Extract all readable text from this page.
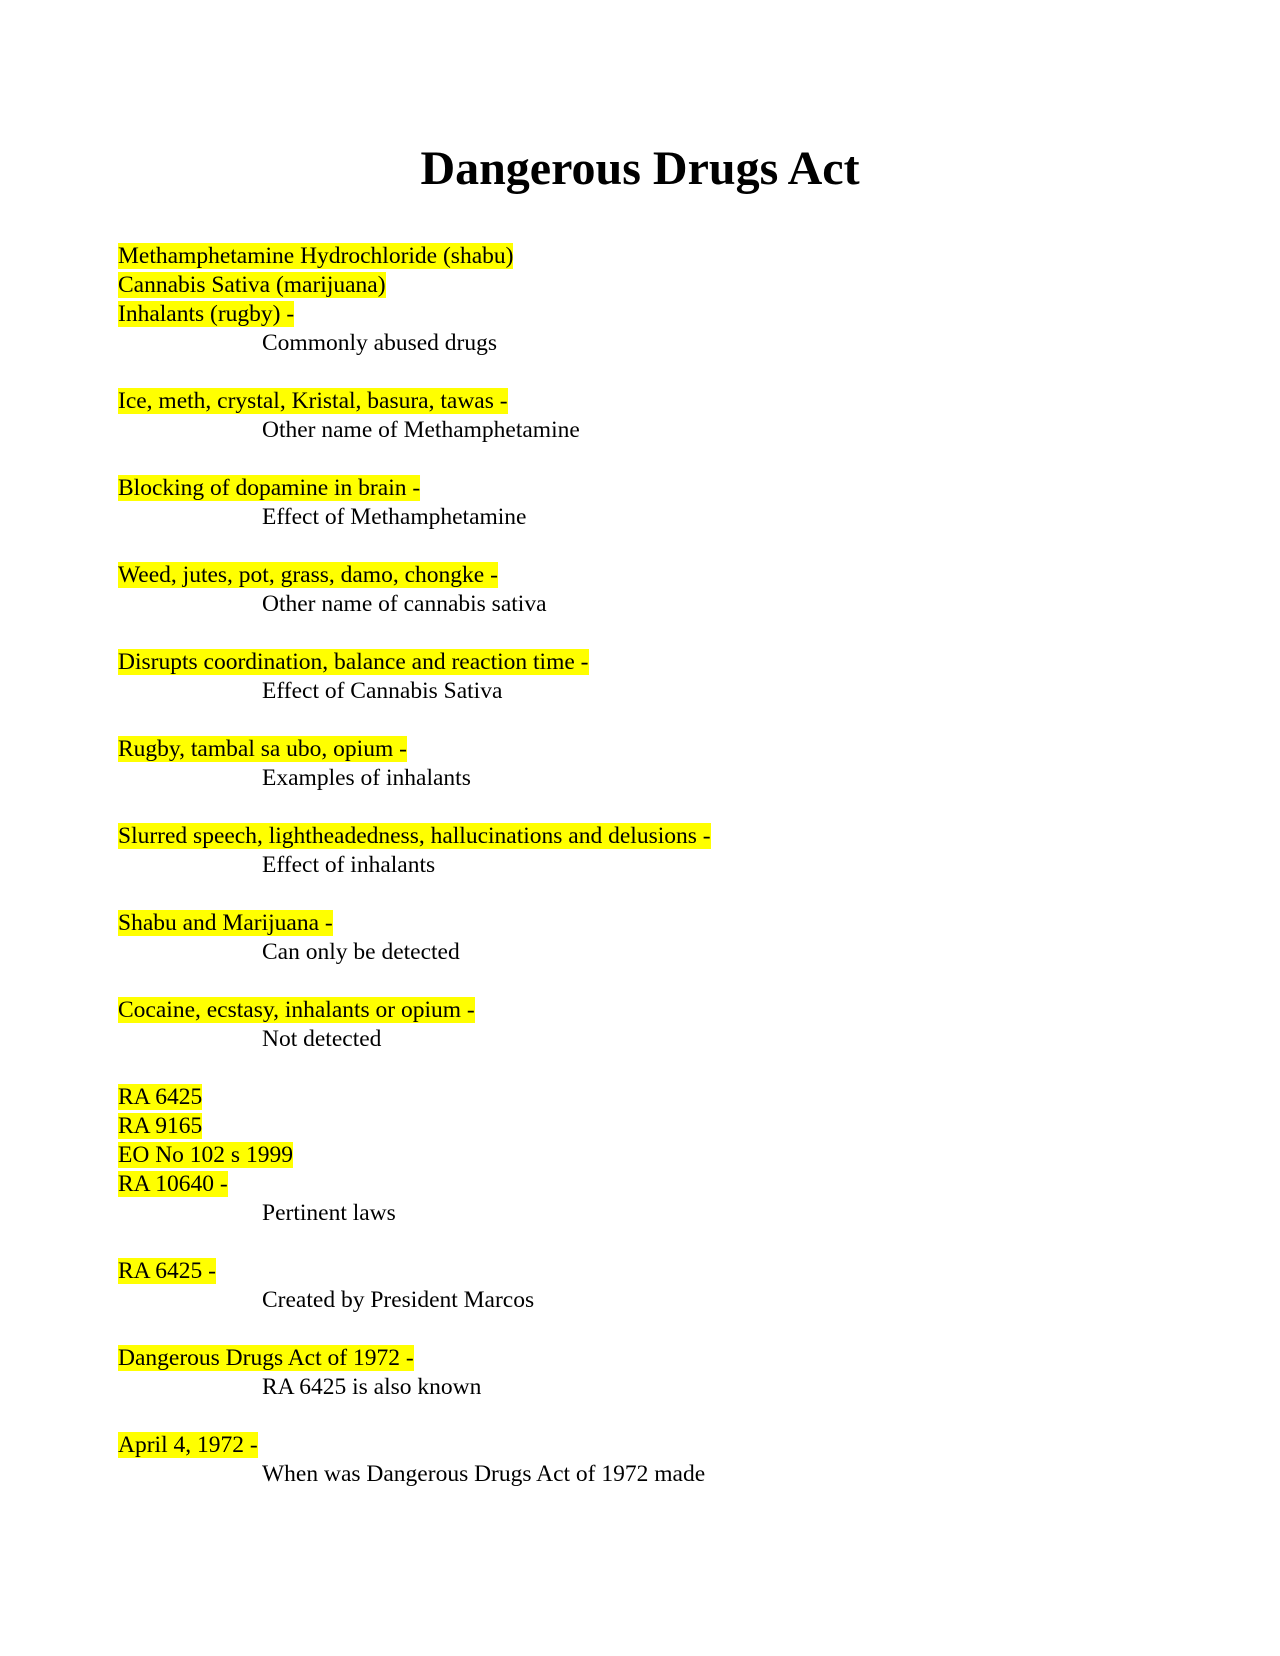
Dangerous Drugs Act
Methamphetamine Hydrochloride (shabu)
Cannabis Sativa (marijuana)
Inhalants (rugby) -
Commonly abused drugs
Ice, meth, crystal, Kristal, basura, tawas -
Other name of Methamphetamine
Blocking of dopamine in brain -
Effect of Methamphetamine
Weed, jutes, pot, grass, damo, chongke -
Other name of cannabis sativa
Disrupts coordination, balance and reaction time -
Effect of Cannabis Sativa
Rugby, tambal sa ubo, opium -
Examples of inhalants
Slurred speech, lightheadedness, hallucinations and delusions -
Effect of inhalants
Shabu and Marijuana -
Can only be detected
Cocaine, ecstasy, inhalants or opium -
Not detected
RA 6425
RA 9165
EO No 102 s 1999
RA 10640 -
Pertinent laws
RA 6425 -
Created by President Marcos
Dangerous Drugs Act of 1972 -
RA 6425 is also known
April 4, 1972 -
When was Dangerous Drugs Act of 1972 made
